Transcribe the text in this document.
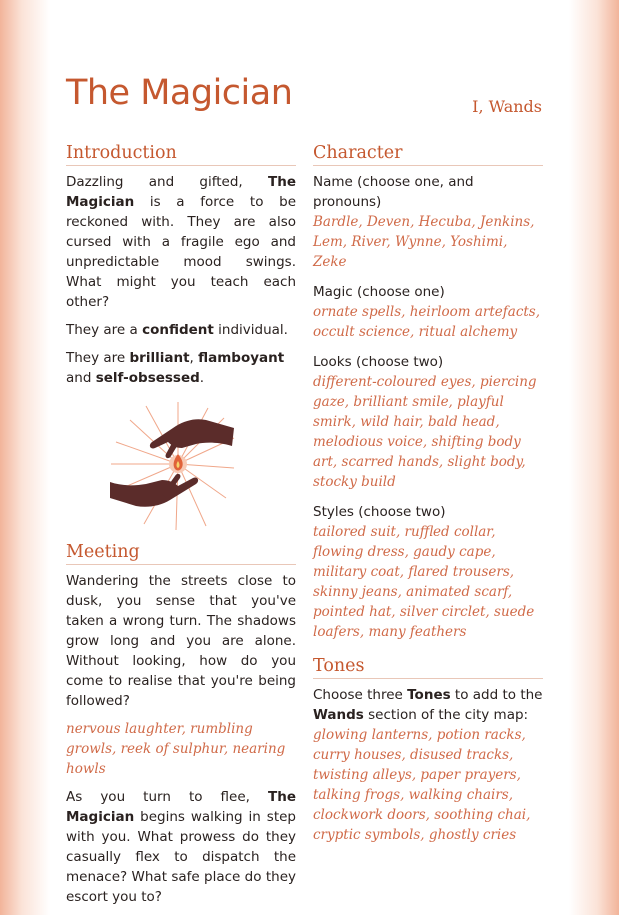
The Magician	I, Wands
Introduction

Dazzling and gifted, The Magician is a force to be reckoned with. They are also cursed with a fragile ego and unpredictable mood swings. What might you teach each other?

They are a confident individual.

They are brilliant, flamboyant and self-obsessed.

Meeting

Wandering the streets close to dusk, you sense that you've taken a wrong turn. The shadows grow long and you are alone. Without looking, how do you come to realise that you're being followed?

nervous laughter, rumbling growls, reek of sulphur, nearing howls

As you turn to flee, The Magician begins walking in step with you. What prowess do they casually flex to dispatch the menace? What safe place do they escort you to?

Character

Name (choose one, and pronouns)

Bardle, Deven, Hecuba, Jenkins, Lem, River, Wynne, Yoshimi, Zeke

Magic (choose one)

ornate spells, heirloom artefacts, occult science, ritual alchemy

Looks (choose two)

different-coloured eyes, piercing gaze, brilliant smile, playful smirk, wild hair, bald head, melodious voice, shifting body art, scarred hands, slight body, stocky build

Styles (choose two)

tailored suit, ruffled collar, flowing dress, gaudy cape, military coat, flared trousers, skinny jeans, animated scarf, pointed hat, silver circlet, suede loafers, many feathers
Tones

Choose three Tones to add to the Wands section of the city map:

glowing lanterns, potion racks, curry houses, disused tracks, twisting alleys, paper prayers, talking frogs, walking chairs, clockwork doors, soothing chai, cryptic symbols, ghostly cries
